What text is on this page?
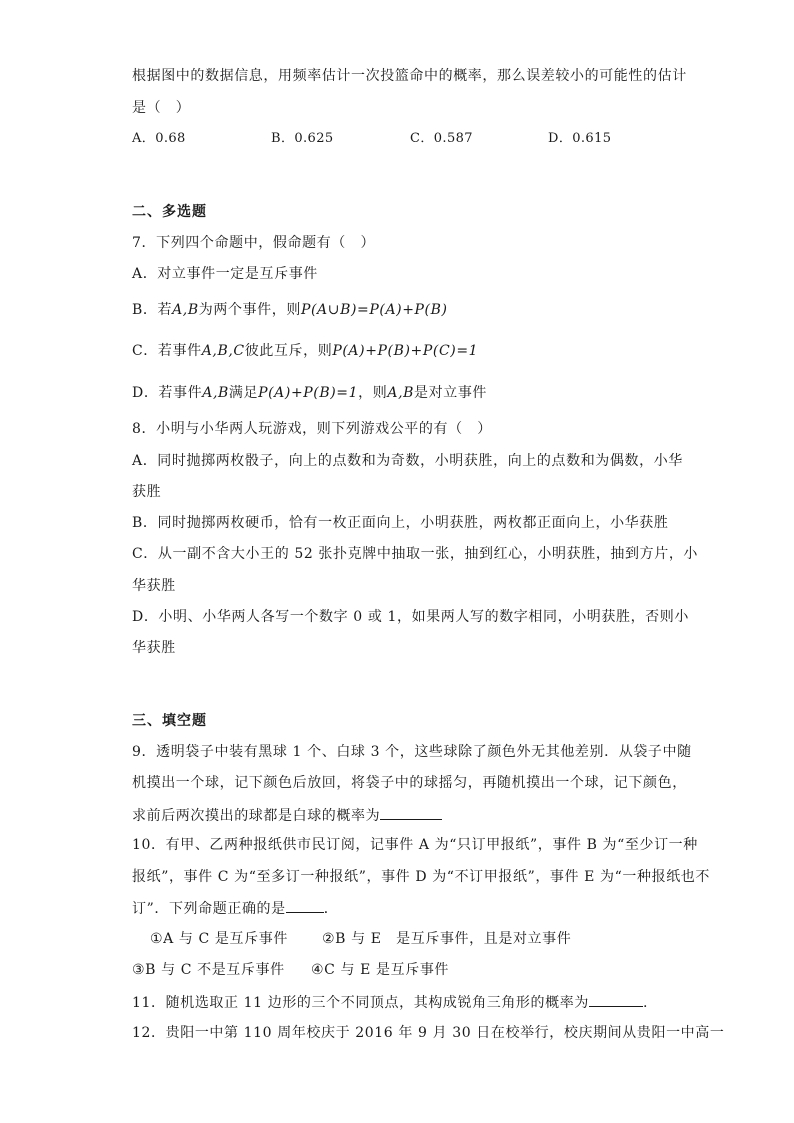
根据图中的数据信息，用频率估计一次投篮命中的概率，那么误差较小的可能性的估计
是（　）
A．0.68	B．0.625	C．0.587	D．0.615
二、多选题
7．下列四个命题中，假命题有（　）
A．对立事件一定是互斥事件
B．若A,B为两个事件，则P(A∪B)=P(A)+P(B)
C．若事件A,B,C彼此互斥，则P(A)+P(B)+P(C)=1
D．若事件A,B满足P(A)+P(B)=1，则A,B是对立事件
8．小明与小华两人玩游戏，则下列游戏公平的有（　）
A．同时抛掷两枚骰子，向上的点数和为奇数，小明获胜，向上的点数和为偶数，小华
获胜
B．同时抛掷两枚硬币，恰有一枚正面向上，小明获胜，两枚都正面向上，小华获胜
C．从一副不含大小王的 52 张扑克牌中抽取一张，抽到红心，小明获胜，抽到方片，小
华获胜
D．小明、小华两人各写一个数字 0 或 1，如果两人写的数字相同，小明获胜，否则小
华获胜
三、填空题
9．透明袋子中装有黑球 1 个、白球 3 个，这些球除了颜色外无其他差别．从袋子中随
机摸出一个球，记下颜色后放回，将袋子中的球摇匀，再随机摸出一个球，记下颜色，
求前后两次摸出的球都是白球的概率为
10．有甲、乙两种报纸供市民订阅，记事件 A 为“只订甲报纸”，事件 B 为“至少订一种
报纸”，事件 C 为“至多订一种报纸”，事件 D 为“不订甲报纸”，事件 E 为“一种报纸也不
订”．下列命题正确的是	．
①A 与 C 是互斥事件 ②B 与 E　是互斥事件，且是对立事件
③B 与 C 不是互斥事件 ④C 与 E 是互斥事件
11．随机选取正 11 边形的三个不同顶点，其构成锐角三角形的概率为	.
12．贵阳一中第 110 周年校庆于 2016 年 9 月 30 日在校举行，校庆期间从贵阳一中高一
